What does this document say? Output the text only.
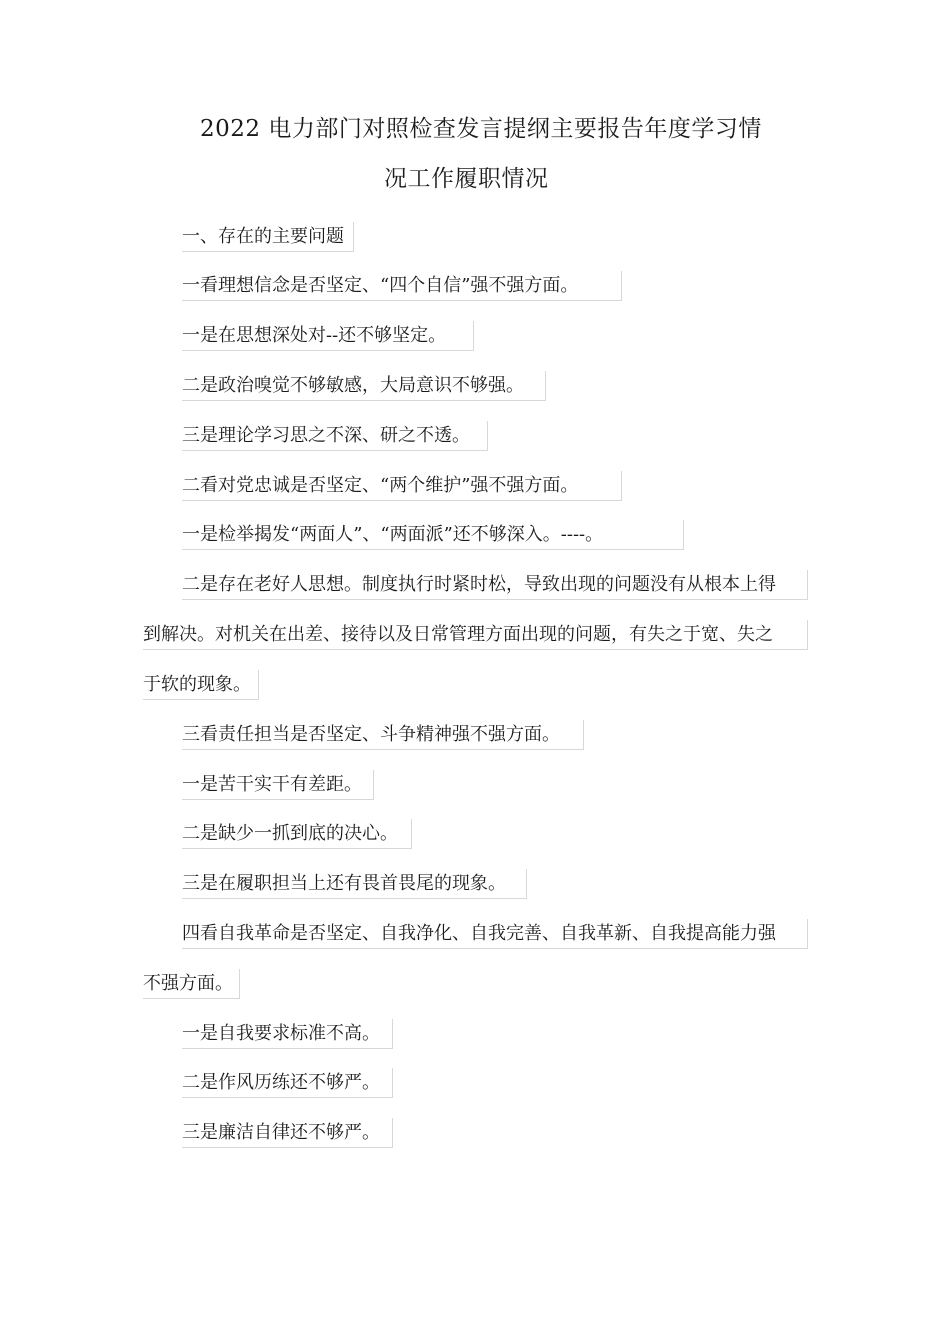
2022 电力部门对照检查发言提纲主要报告年度学习情
况工作履职情况
一、存在的主要问题
一看理想信念是否坚定、“四个自信”强不强方面。
一是在思想深处对--还不够坚定。
二是政治嗅觉不够敏感，大局意识不够强。
三是理论学习思之不深、研之不透。
二看对党忠诚是否坚定、“两个维护”强不强方面。
一是检举揭发“两面人”、“两面派”还不够深入。----。
二是存在老好人思想。制度执行时紧时松，导致出现的问题没有从根本上得
到解决。对机关在出差、接待以及日常管理方面出现的问题，有失之于宽、失之
于软的现象。
三看责任担当是否坚定、斗争精神强不强方面。
一是苦干实干有差距。
二是缺少一抓到底的决心。
三是在履职担当上还有畏首畏尾的现象。
四看自我革命是否坚定、自我净化、自我完善、自我革新、自我提高能力强
不强方面。
一是自我要求标准不高。
二是作风历练还不够严。
三是廉洁自律还不够严。
